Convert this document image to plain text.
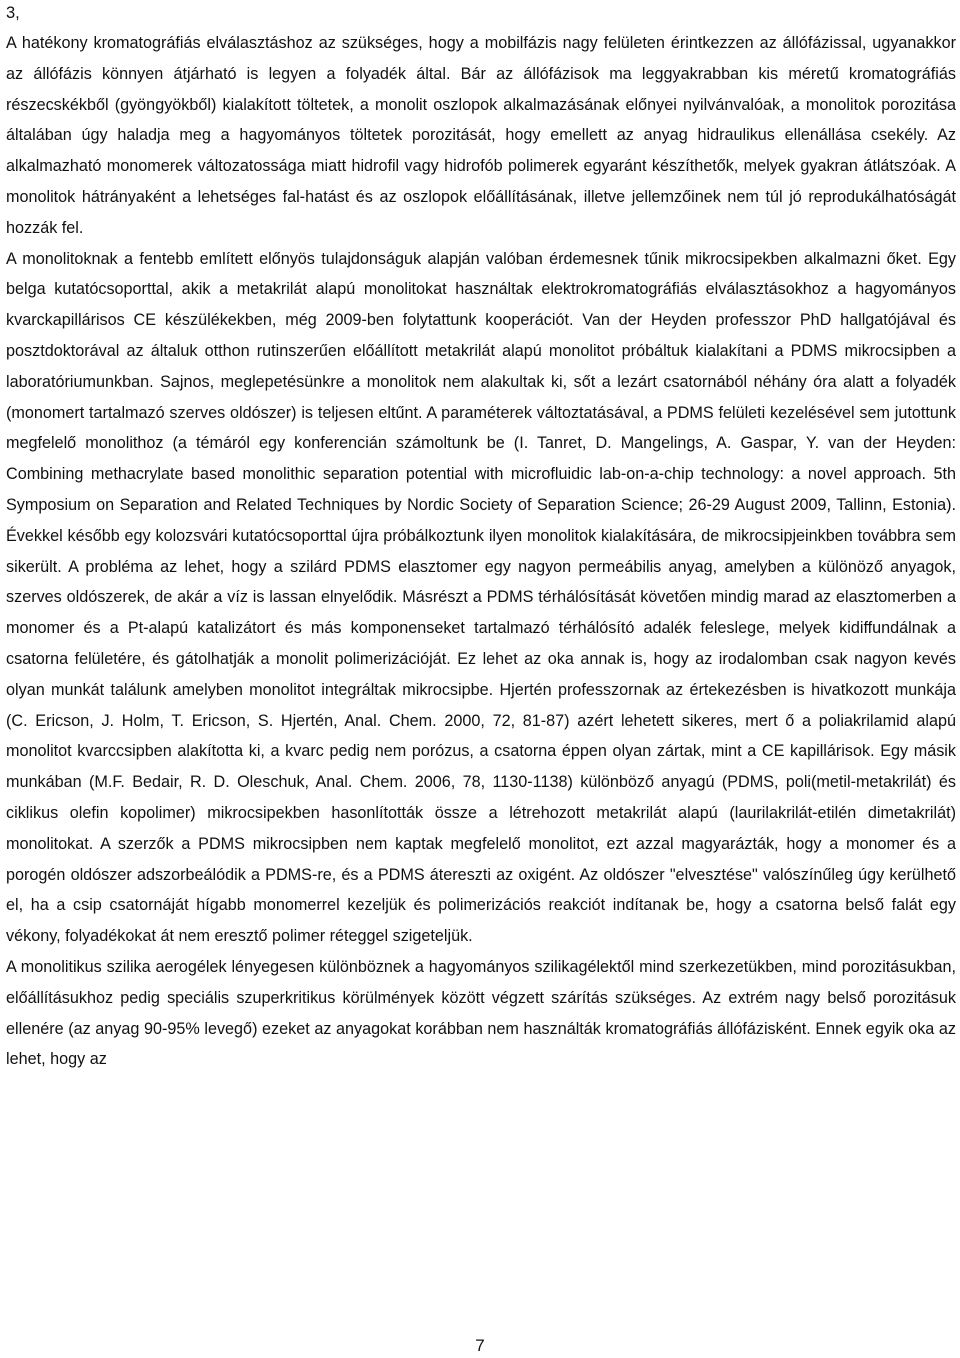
3,

A hatékony kromatográfiás elválasztáshoz az szükséges, hogy a mobilfázis nagy felületen érintkezzen az állófázissal, ugyanakkor az állófázis könnyen átjárható is legyen a folyadék által. Bár az állófázisok ma leggyakrabban kis méretű kromatográfiás részecskékből (gyöngyökből) kialakított töltetek, a monolit oszlopok alkalmazásának előnyei nyilvánvalóak, a monolitok porozitása általában úgy haladja meg a hagyományos töltetek porozitását, hogy emellett az anyag hidraulikus ellenállása csekély. Az alkalmazható monomerek változatossága miatt hidrofil vagy hidrofób polimerek egyaránt készíthetők, melyek gyakran átlátszóak. A monolitok hátrányaként a lehetséges fal-hatást és az oszlopok előállításának, illetve jellemzőinek nem túl jó reprodukálhatóságát hozzák fel.

A monolitoknak a fentebb említett előnyös tulajdonságuk alapján valóban érdemesnek tűnik mikrocsipekben alkalmazni őket. Egy belga kutatócsoporttal, akik a metakrilát alapú monolitokat használtak elektrokromatográfiás elválasztásokhoz a hagyományos kvarckapillárisos CE készülékekben, még 2009-ben folytattunk kooperációt. Van der Heyden professzor PhD hallgatójával és posztdoktorával az általuk otthon rutinszerűen előállított metakrilát alapú monolitot próbáltuk kialakítani a PDMS mikrocsipben a laboratóriumunkban. Sajnos, meglepetésünkre a monolitok nem alakultak ki, sőt a lezárt csatornából néhány óra alatt a folyadék (monomert tartalmazó szerves oldószer) is teljesen eltűnt. A paraméterek változtatásával, a PDMS felületi kezelésével sem jutottunk megfelelő monolithoz (a témáról egy konferencián számoltunk be (I. Tanret, D. Mangelings, A. Gaspar, Y. van der Heyden: Combining methacrylate based monolithic separation potential with microfluidic lab-on-a-chip technology: a novel approach. 5th Symposium on Separation and Related Techniques by Nordic Society of Separation Science; 26-29 August 2009, Tallinn, Estonia). Évekkel később egy kolozsvári kutatócsoporttal újra próbálkoztunk ilyen monolitok kialakítására, de mikrocsipjeinkben továbbra sem sikerült. A probléma az lehet, hogy a szilárd PDMS elasztomer egy nagyon permeábilis anyag, amelyben a különöző anyagok, szerves oldószerek, de akár a víz is lassan elnyelődik. Másrészt a PDMS térhálósítását követően mindig marad az elasztomerben a monomer és a Pt-alapú katalizátort és más komponenseket tartalmazó térhálósító adalék feleslege, melyek kidiffundálnak a csatorna felületére, és gátolhatják a monolit polimerizációját. Ez lehet az oka annak is, hogy az irodalomban csak nagyon kevés olyan munkát találunk amelyben monolitot integráltak mikrocsipbe. Hjertén professzornak az értekezésben is hivatkozott munkája (C. Ericson, J. Holm, T. Ericson, S. Hjertén, Anal. Chem. 2000, 72, 81-87) azért lehetett sikeres, mert ő a poliakrilamid alapú monolitot kvarccsipben alakította ki, a kvarc pedig nem porózus, a csatorna éppen olyan zártak, mint a CE kapillárisok. Egy másik munkában (M.F. Bedair, R. D. Oleschuk, Anal. Chem. 2006, 78, 1130-1138) különböző anyagú (PDMS, poli(metil-metakrilát) és ciklikus olefin kopolimer) mikrocsipekben hasonlították össze a létrehozott metakrilát alapú (laurilakrilát-etilén dimetakrilát) monolitokat. A szerzők a PDMS mikrocsipben nem kaptak megfelelő monolitot, ezt azzal magyarázták, hogy a monomer és a porogén oldószer adszorbeálódik a PDMS-re, és a PDMS átereszti az oxigént. Az oldószer "elvesztése" valószínűleg úgy kerülhető el, ha a csip csatornáját hígabb monomerrel kezeljük és polimerizációs reakciót indítanak be, hogy a csatorna belső falát egy vékony, folyadékokat át nem eresztő polimer réteggel szigeteljük.

A monolitikus szilika aerogélek lényegesen különböznek a hagyományos szilikagélektől mind szerkezetükben, mind porozitásukban, előállításukhoz pedig speciális szuperkritikus körülmények között végzett szárítás szükséges. Az extrém nagy belső porozitásuk ellenére (az anyag 90-95% levegő) ezeket az anyagokat korábban nem használták kromatográfiás állófázisként. Ennek egyik oka az lehet, hogy az

7
